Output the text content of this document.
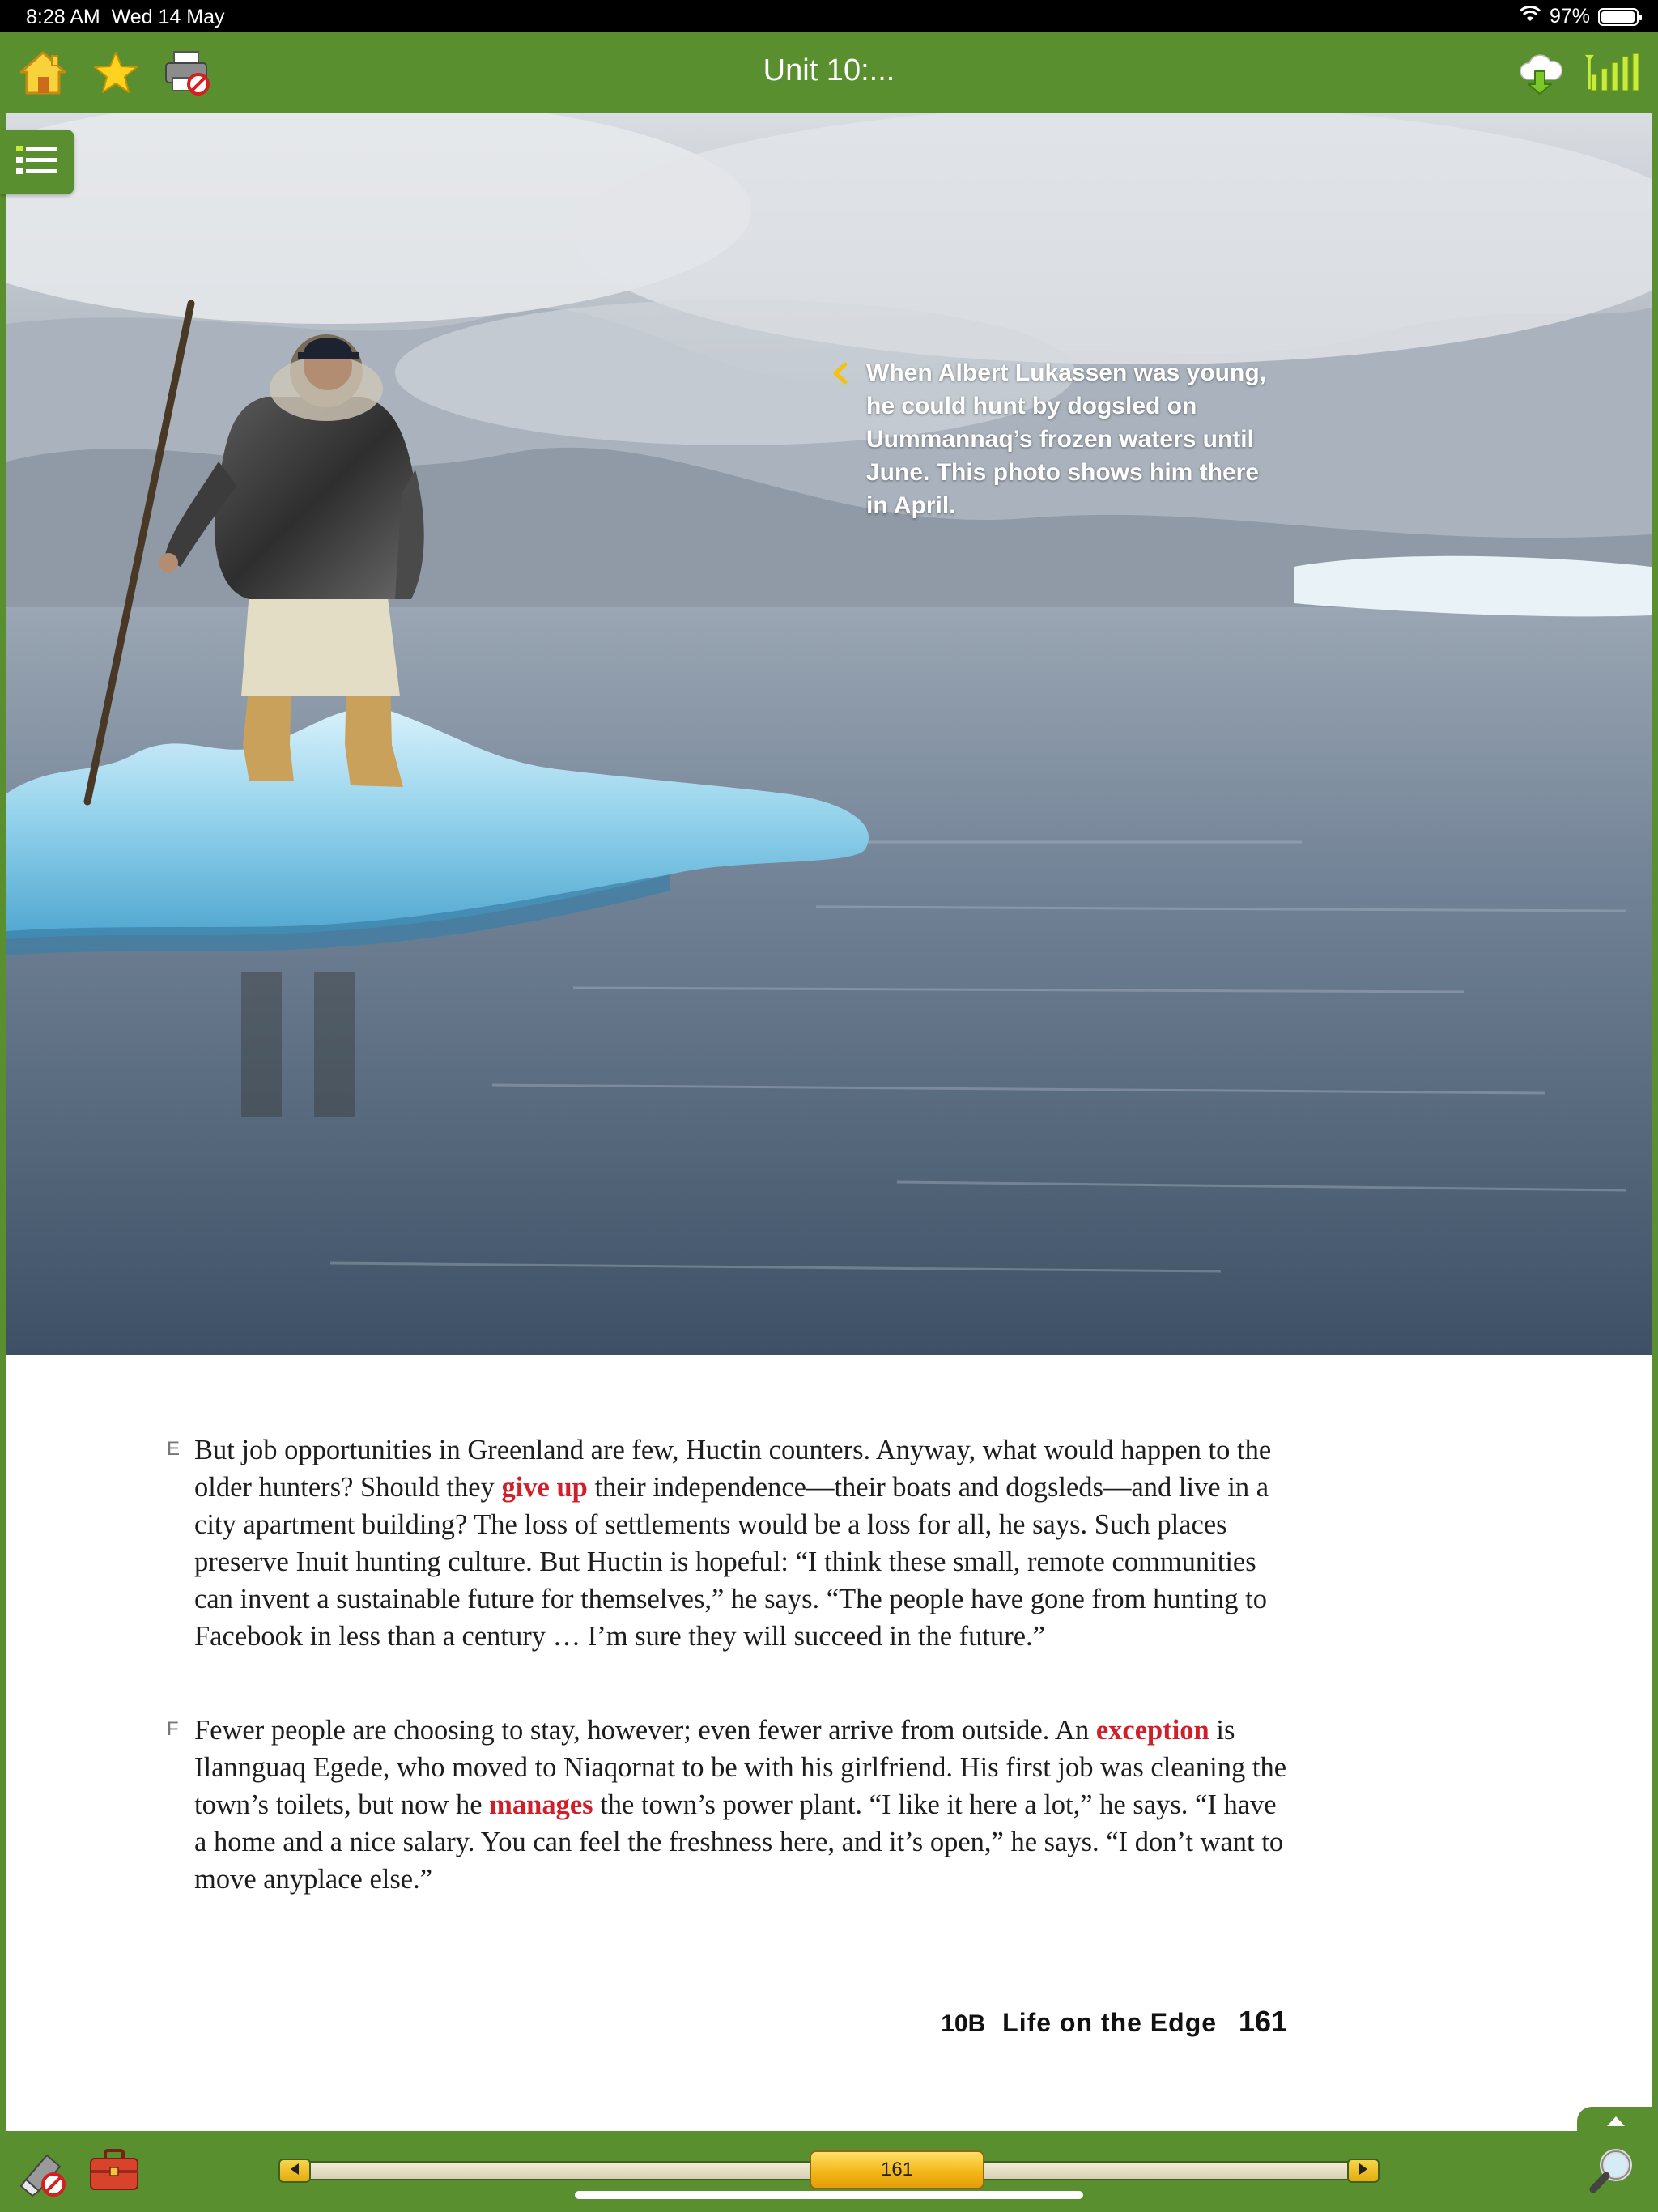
8:28 AM Wed 14 May	97%
Unit 10:...
When Albert Lukassen was young, he could hunt by dogsled on Uummannaq’s frozen waters until June. This photo shows him there in April.
E But job opportunities in Greenland are few, Huctin counters. Anyway, what would happen to the older hunters? Should they give up their independence—their boats and dogsleds—and live in a city apartment building? The loss of settlements would be a loss for all, he says. Such places preserve Inuit hunting culture. But Huctin is hopeful: “I think these small, remote communities can invent a sustainable future for themselves,” he says. “The people have gone from hunting to Facebook in less than a century … I’m sure they will succeed in the future.”
F Fewer people are choosing to stay, however; even fewer arrive from outside. An exception is Ilannguaq Egede, who moved to Niaqornat to be with his girlfriend. His first job was cleaning the town’s toilets, but now he manages the town’s power plant. “I like it here a lot,” he says. “I have a home and a nice salary. You can feel the freshness here, and it’s open,” he says. “I don’t want to move anyplace else.”
10B Life on the Edge 161
161
